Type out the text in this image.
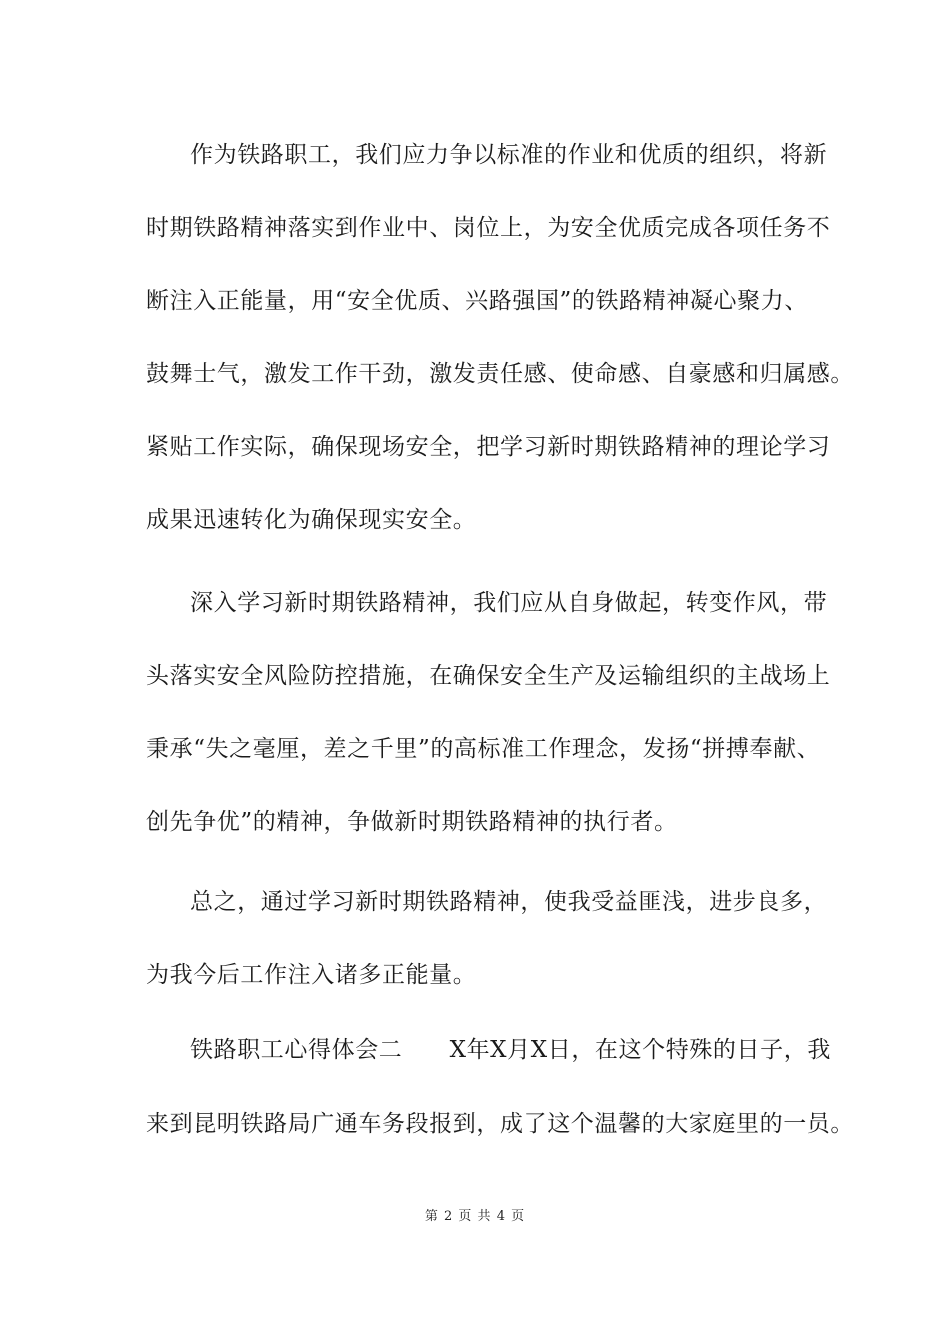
作为铁路职工，我们应力争以标准的作业和优质的组织，将新
时期铁路精神落实到作业中、岗位上，为安全优质完成各项任务不
断注入正能量，用“安全优质、兴路强国”的铁路精神凝心聚力、
鼓舞士气，激发工作干劲，激发责任感、使命感、自豪感和归属感。
紧贴工作实际，确保现场安全，把学习新时期铁路精神的理论学习
成果迅速转化为确保现实安全。
深入学习新时期铁路精神，我们应从自身做起，转变作风，带
头落实安全风险防控措施，在确保安全生产及运输组织的主战场上
秉承“失之毫厘，差之千里”的高标准工作理念，发扬“拼搏奉献、
创先争优”的精神，争做新时期铁路精神的执行者。
总之，通过学习新时期铁路精神，使我受益匪浅，进步良多，
为我今后工作注入诸多正能量。
铁路职工心得体会二　　X年X月X日，在这个特殊的日子，我
来到昆明铁路局广通车务段报到，成了这个温馨的大家庭里的一员。
第 2 页 共 4 页
